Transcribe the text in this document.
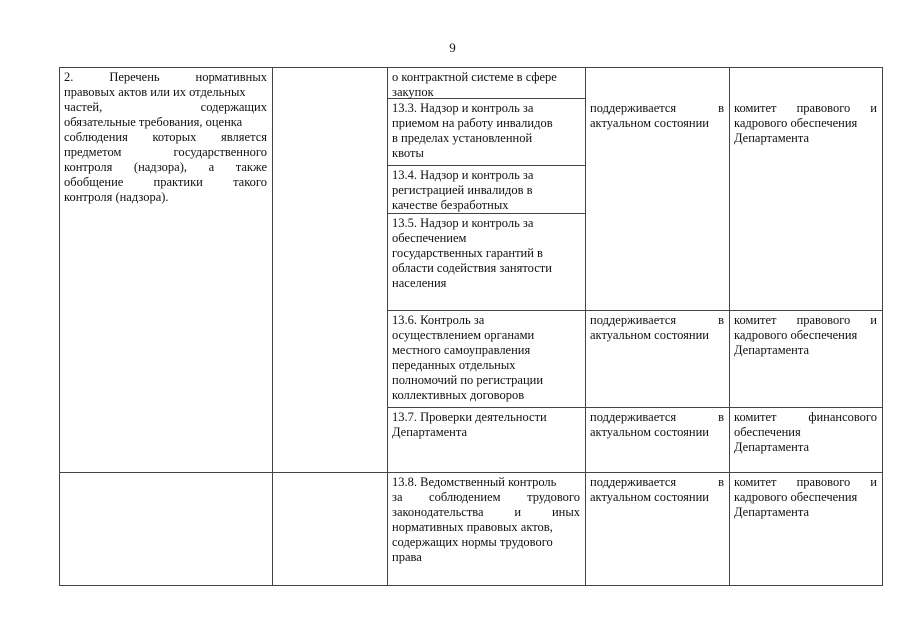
9
2. Перечень нормативных
правовых актов или их отдельных
частей, содержащих
обязательные требования, оценка
соблюдения которых является
предметом государственного
контроля (надзора), а также
обобщение практики такого
контроля (надзора).
о контрактной системе в сфере
закупок
13.3. Надзор и контроль за
приемом на работу инвалидов
в пределах установленной
квоты
поддерживается в
актуальном состоянии
комитет правового и
кадрового обеспечения
Департамента
13.4. Надзор и контроль за
регистрацией инвалидов в
качестве безработных
13.5. Надзор и контроль за
обеспечением
государственных гарантий в
области содействия занятости
населения
13.6. Контроль за
осуществлением органами
местного самоуправления
переданных отдельных
полномочий по регистрации
коллективных договоров
поддерживается в
актуальном состоянии
комитет правового и
кадрового обеспечения
Департамента
13.7. Проверки деятельности
Департамента
поддерживается в
актуальном состоянии
комитет финансового
обеспечения
Департамента
13.8. Ведомственный контроль
за соблюдением трудового
законодательства и иных
нормативных правовых актов,
содержащих нормы трудового
права
поддерживается в
актуальном состоянии
комитет правового и
кадрового обеспечения
Департамента
